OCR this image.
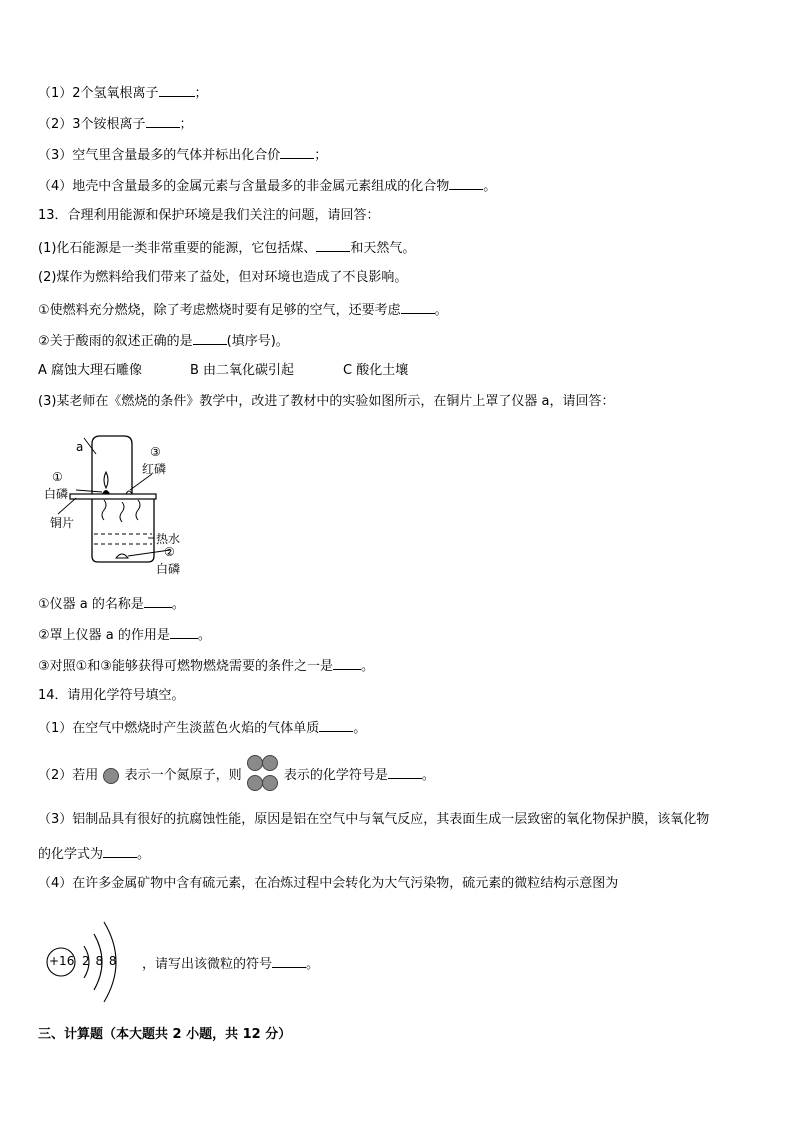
（1）2个氢氧根离子	；
（2）3个铵根离子	；
（3）空气里含量最多的气体并标出化合价	；
（4）地壳中含量最多的金属元素与含量最多的非金属元素组成的化合物	。
13．合理利用能源和保护环境是我们关注的问题，请回答：
(1)化石能源是一类非常重要的能源，它包括煤、	和天然气。
(2)煤作为燃料给我们带来了益处，但对环境也造成了不良影响。
①使燃料充分燃烧，除了考虑燃烧时要有足够的空气，还要考虑	。
②关于酸雨的叙述正确的是	(填序号)。
A 腐蚀大理石雕像	B 由二氧化碳引起	C 酸化土壤
(3)某老师在《燃烧的条件》教学中，改进了教材中的实验如图所示，在铜片上罩了仪器 a，请回答：
a
①
白磷
③
红磷
铜片
热水
②
白磷
①仪器 a 的名称是 。
②罩上仪器 a 的作用是 。
③对照①和③能够获得可燃物燃烧需要的条件之一是 。
14．请用化学符号填空。
（1）在空气中燃烧时产生淡蓝色火焰的气体单质	。
（2）若用 表示一个氮原子，则	表示的化学符号是	。
（3）铝制品具有很好的抗腐蚀性能，原因是铝在空气中与氧气反应，其表面生成一层致密的氧化物保护膜，该氧化物
的化学式为	。
（4）在许多金属矿物中含有硫元素，在冶炼过程中会转化为大气污染物，硫元素的微粒结构示意图为
+16 2 8 8 ，请写出该微粒的符号	。
三、计算题（本大题共 2 小题，共 12 分）
